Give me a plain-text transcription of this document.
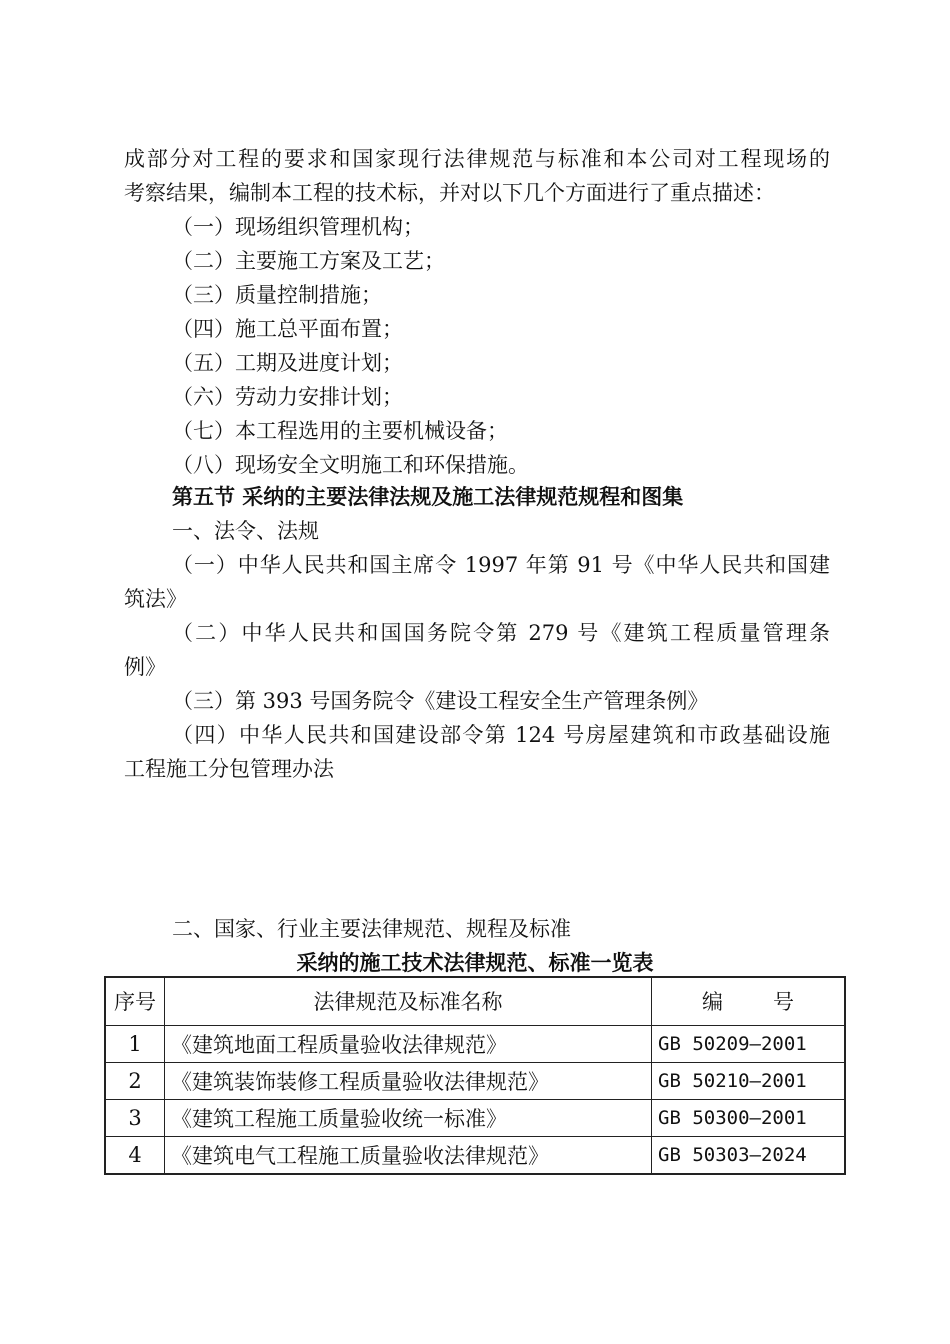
成部分对工程的要求和国家现行法律规范与标准和本公司对工程现场的
考察结果，编制本工程的技术标，并对以下几个方面进行了重点描述：
（一）现场组织管理机构；
（二）主要施工方案及工艺；
（三）质量控制措施；
（四）施工总平面布置；
（五）工期及进度计划；
（六）劳动力安排计划；
（七）本工程选用的主要机械设备；
（八）现场安全文明施工和环保措施。
第五节 采纳的主要法律法规及施工法律规范规程和图集
一、法令、法规
（一）中华人民共和国主席令 1997 年第 91 号《中华人民共和国建
筑法》
（二）中华人民共和国国务院令第 279 号《建筑工程质量管理条
例》
（三）第 393 号国务院令《建设工程安全生产管理条例》
（四）中华人民共和国建设部令第 124 号房屋建筑和市政基础设施
工程施工分包管理办法
二、国家、行业主要法律规范、规程及标准
采纳的施工技术法律规范、标准一览表
序号	法律规范及标准名称	编 号
1	《建筑地面工程质量验收法律规范》	GB 50209—2001
2	《建筑装饰装修工程质量验收法律规范》	GB 50210—2001
3	《建筑工程施工质量验收统一标准》	GB 50300—2001
4	《建筑电气工程施工质量验收法律规范》	GB 50303—2024
